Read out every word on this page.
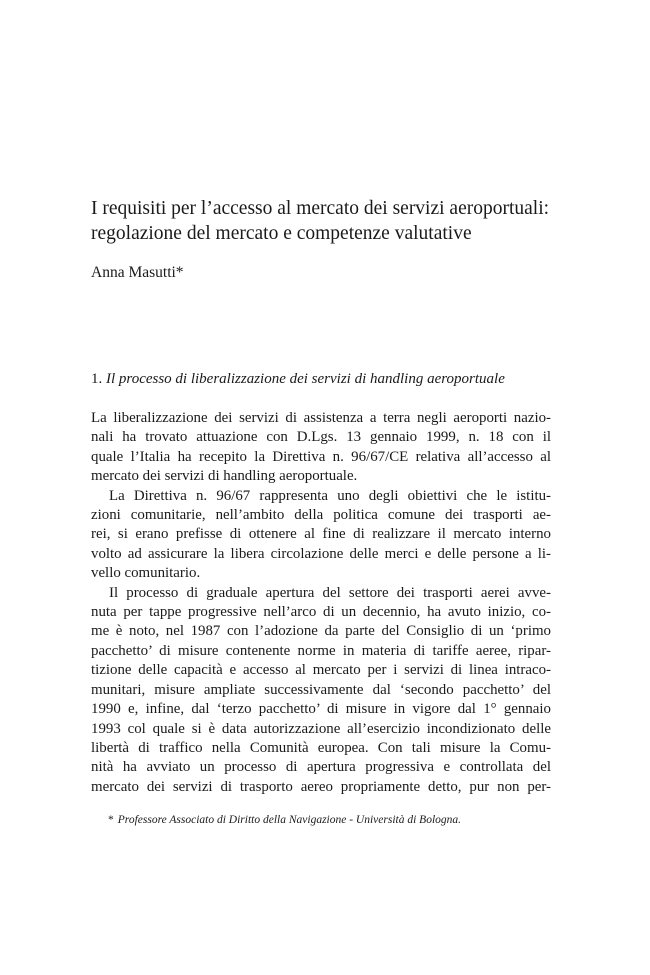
I requisiti per l’accesso al mercato dei servizi aeroportuali:
regolazione del mercato e competenze valutative
Anna Masutti*
1. Il processo di liberalizzazione dei servizi di handling aeroportuale

La liberalizzazione dei servizi di assistenza a terra negli aeroporti nazio-
nali ha trovato attuazione con D.Lgs. 13 gennaio 1999, n. 18 con il
quale l’Italia ha recepito la Direttiva n. 96/67/CE relativa all’accesso al
mercato dei servizi di handling aeroportuale.

La Direttiva n. 96/67 rappresenta uno degli obiettivi che le istitu-
zioni comunitarie, nell’ambito della politica comune dei trasporti ae-
rei, si erano prefisse di ottenere al fine di realizzare il mercato interno
volto ad assicurare la libera circolazione delle merci e delle persone a li-
vello comunitario.

Il processo di graduale apertura del settore dei trasporti aerei avve-
nuta per tappe progressive nell’arco di un decennio, ha avuto inizio, co-
me è noto, nel 1987 con l’adozione da parte del Consiglio di un ‘primo
pacchetto’ di misure contenente norme in materia di tariffe aeree, ripar-
tizione delle capacità e accesso al mercato per i servizi di linea intraco-
munitari, misure ampliate successivamente dal ‘secondo pacchetto’ del
1990 e, infine, dal ‘terzo pacchetto’ di misure in vigore dal 1° gennaio
1993 col quale si è data autorizzazione all’esercizio incondizionato delle
libertà di traffico nella Comunità europea. Con tali misure la Comu-
nità ha avviato un processo di apertura progressiva e controllata del
mercato dei servizi di trasporto aereo propriamente detto, pur non per-

* Professore Associato di Diritto della Navigazione - Università di Bologna.
